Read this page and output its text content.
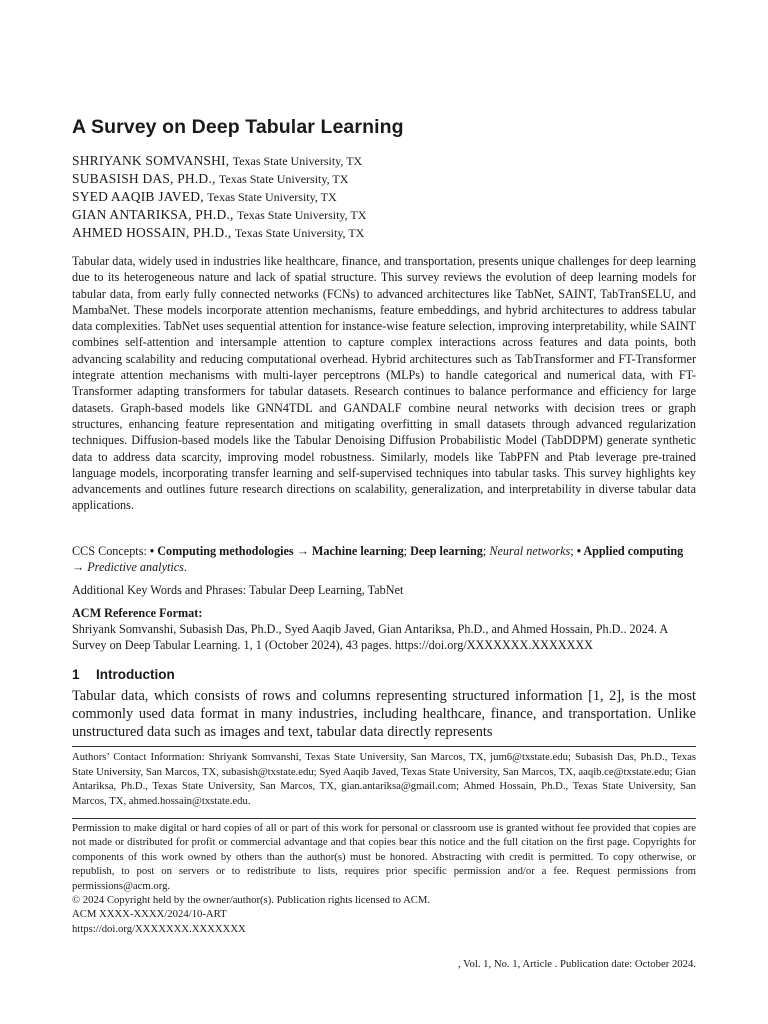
A Survey on Deep Tabular Learning
SHRIYANK SOMVANSHI, Texas State University, TX
SUBASISH DAS, PH.D., Texas State University, TX
SYED AAQIB JAVED, Texas State University, TX
GIAN ANTARIKSA, PH.D., Texas State University, TX
AHMED HOSSAIN, PH.D., Texas State University, TX
Tabular data, widely used in industries like healthcare, finance, and transportation, presents unique challenges for deep learning due to its heterogeneous nature and lack of spatial structure. This survey reviews the evolution of deep learning models for tabular data, from early fully connected networks (FCNs) to advanced architectures like TabNet, SAINT, TabTranSELU, and MambaNet. These models incorporate attention mechanisms, feature embeddings, and hybrid architectures to address tabular data complexities. TabNet uses sequential attention for instance-wise feature selection, improving interpretability, while SAINT combines self-attention and intersample attention to capture complex interactions across features and data points, both advancing scalability and reducing computational overhead. Hybrid architectures such as TabTransformer and FT-Transformer integrate attention mechanisms with multi-layer perceptrons (MLPs) to handle categorical and numerical data, with FT-Transformer adapting transformers for tabular datasets. Research continues to balance performance and efficiency for large datasets. Graph-based models like GNN4TDL and GANDALF combine neural networks with decision trees or graph structures, enhancing feature representation and mitigating overfitting in small datasets through advanced regularization techniques. Diffusion-based models like the Tabular Denoising Diffusion Probabilistic Model (TabDDPM) generate synthetic data to address data scarcity, improving model robustness. Similarly, models like TabPFN and Ptab leverage pre-trained language models, incorporating transfer learning and self-supervised techniques into tabular tasks. This survey highlights key advancements and outlines future research directions on scalability, generalization, and interpretability in diverse tabular data applications.
CCS Concepts: • Computing methodologies → Machine learning; Deep learning; Neural networks; • Applied computing → Predictive analytics.
Additional Key Words and Phrases: Tabular Deep Learning, TabNet
ACM Reference Format:
Shriyank Somvanshi, Subasish Das, Ph.D., Syed Aaqib Javed, Gian Antariksa, Ph.D., and Ahmed Hossain, Ph.D.. 2024. A Survey on Deep Tabular Learning. 1, 1 (October 2024), 43 pages. https://doi.org/XXXXXXX.XXXXXXX
1 Introduction
Tabular data, which consists of rows and columns representing structured information [1, 2], is the most commonly used data format in many industries, including healthcare, finance, and transportation. Unlike unstructured data such as images and text, tabular data directly represents
Authors’ Contact Information: Shriyank Somvanshi, Texas State University, San Marcos, TX, jum6@txstate.edu; Subasish Das, Ph.D., Texas State University, San Marcos, TX, subasish@txstate.edu; Syed Aaqib Javed, Texas State University, San Marcos, TX, aaqib.ce@txstate.edu; Gian Antariksa, Ph.D., Texas State University, San Marcos, TX, gian.antariksa@gmail.com; Ahmed Hossain, Ph.D., Texas State University, San Marcos, TX, ahmed.hossain@txstate.edu.
Permission to make digital or hard copies of all or part of this work for personal or classroom use is granted without fee provided that copies are not made or distributed for profit or commercial advantage and that copies bear this notice and the full citation on the first page. Copyrights for components of this work owned by others than the author(s) must be honored. Abstracting with credit is permitted. To copy otherwise, or republish, to post on servers or to redistribute to lists, requires prior specific permission and/or a fee. Request permissions from permissions@acm.org.
© 2024 Copyright held by the owner/author(s). Publication rights licensed to ACM.
ACM XXXX-XXXX/2024/10-ART
https://doi.org/XXXXXXX.XXXXXXX
, Vol. 1, No. 1, Article . Publication date: October 2024.
